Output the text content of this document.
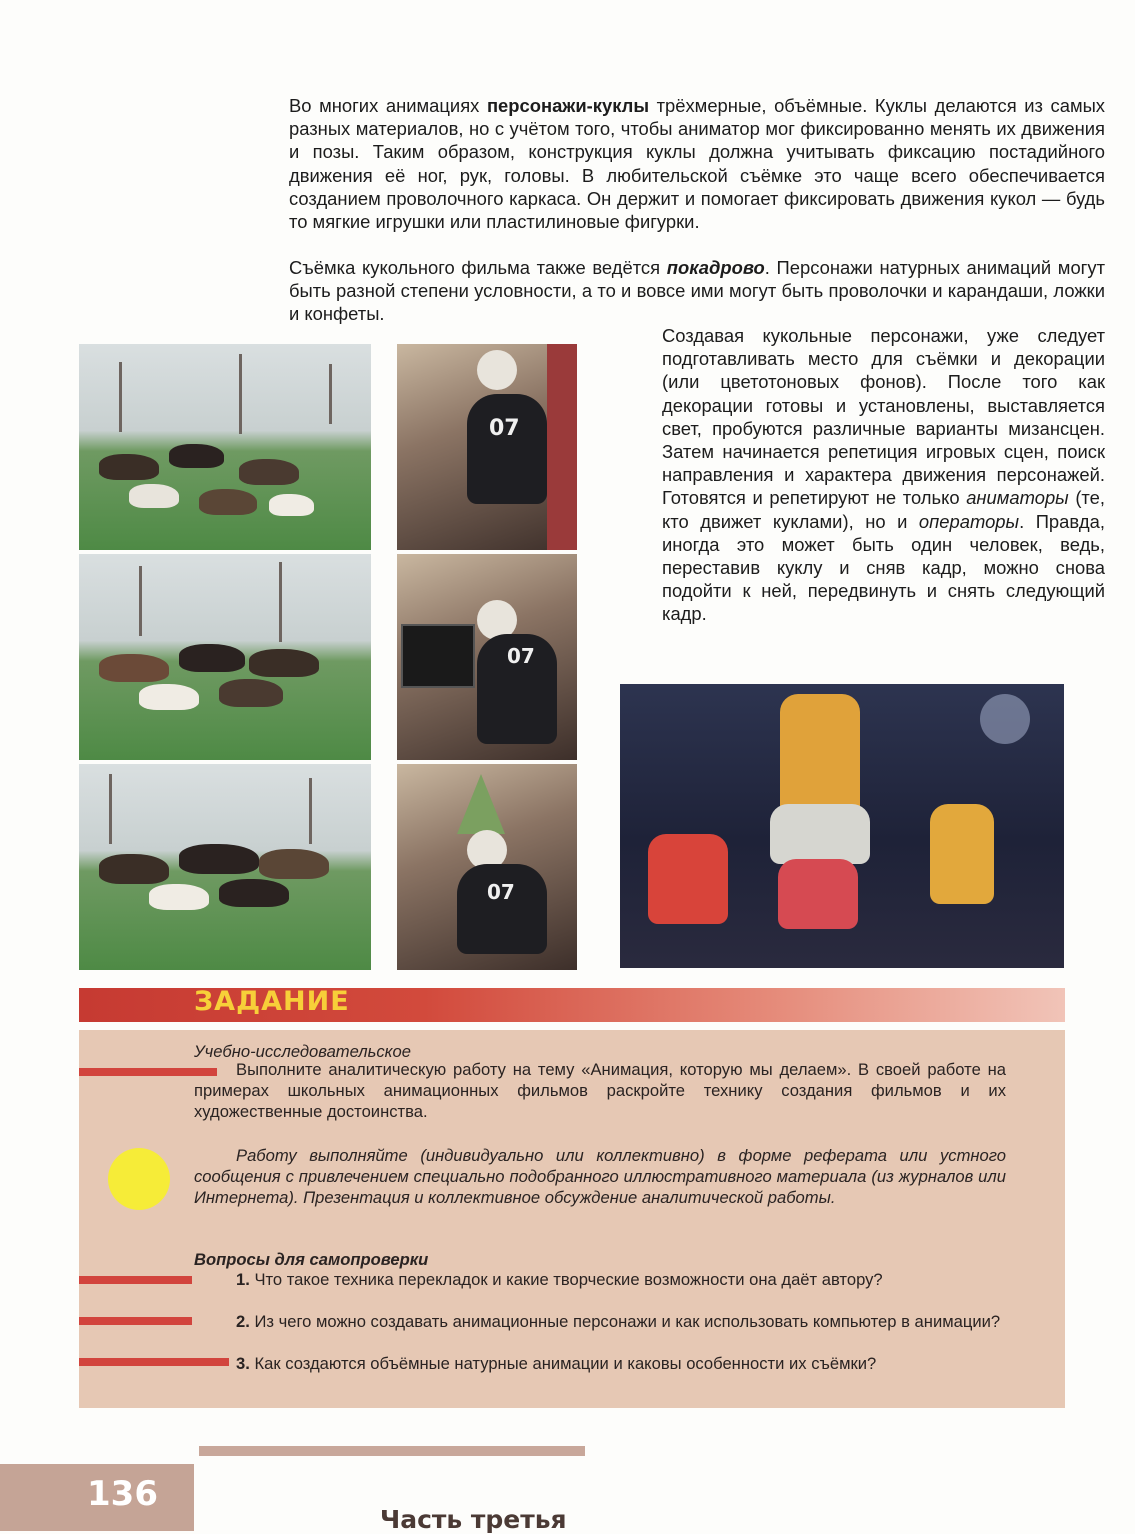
Во многих анимациях персонажи-куклы трёхмерные, объёмные. Куклы делаются из самых разных материалов, но с учётом того, чтобы аниматор мог фиксированно менять их движения и позы. Таким образом, конструкция куклы должна учитывать фиксацию постадийного движения её ног, рук, головы. В любительской съёмке это чаще всего обеспечивается созданием проволочного каркаса. Он держит и помогает фиксировать движения кукол — будь то мягкие игрушки или пластилиновые фигурки.

Съёмка кукольного фильма также ведётся покадрово. Персонажи натурных анимаций могут быть разной степени условности, а то и вовсе ими могут быть проволочки и карандаши, ложки и конфеты.

Создавая кукольные персонажи, уже следует подготавливать место для съёмки и декорации (или цветотоновых фонов). После того как декорации готовы и установлены, выставляется свет, пробуются различные варианты мизансцен. Затем начинается репетиция игровых сцен, поиск направления и характера движения персонажей. Готовятся и репетируют не только аниматоры (те, кто движет куклами), но и операторы. Правда, иногда это может быть один человек, ведь, переставив куклу и сняв кадр, можно снова подойти к ней, передвинуть и снять следующий кадр.

07
07
07
ЗАДАНИЕ

Учебно-исследовательское

Выполните аналитическую работу на тему «Анимация, которую мы делаем». В своей работе на примерах школьных анимационных фильмов раскройте технику создания фильмов и их художественные достоинства.

Работу выполняйте (индивидуально или коллективно) в форме реферата или устного сообщения с привлечением специально подобранного иллюстративного материала (из журналов или Интернета). Презентация и коллективное обсуждение аналитической работы.

Вопросы для самопроверки

1. Что такое техника перекладок и какие творческие возможности она даёт автору?

2. Из чего можно создавать анимационные персонажи и как использовать компьютер в анимации?

3. Как создаются объёмные натурные анимации и каковы особенности их съёмки?

136
Часть третья
